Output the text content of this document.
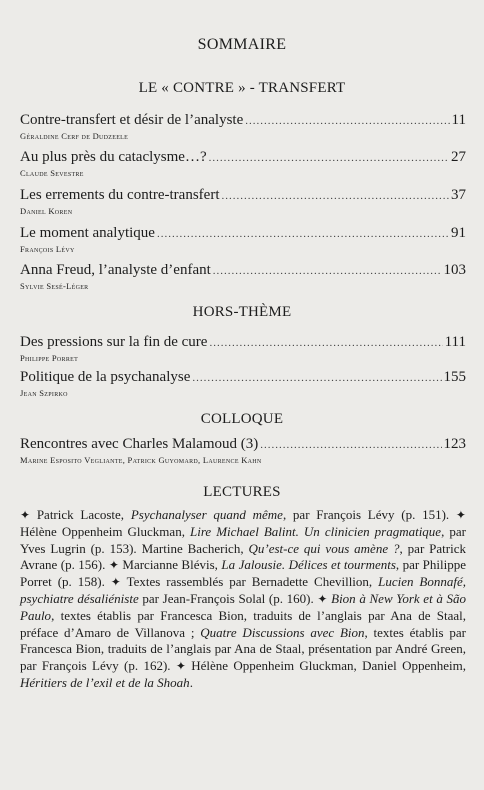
SOMMAIRE
LE « CONTRE » - TRANSFERT
Contre-transfert et désir de l’analyste .....	11
Géraldine Cerf de Dudzeele
Au plus près du cataclysme…? .....	27
Claude Sevestre
Les errements du contre-transfert .....	37
Daniel Koren
Le moment analytique .....	91
François Lévy
Anna Freud, l’analyste d’enfant .....	103
Sylvie Sesé-Léger
HORS-THÈME
Des pressions sur la fin de cure .....	111
Philippe Porret
Politique de la psychanalyse .....	155
Jean Szpirko
COLLOQUE
Rencontres avec Charles Malamoud (3) .....	123
Marine Esposito Vegliante, Patrick Guyomard, Laurence Kahn
LECTURES
✦ Patrick Lacoste, Psychanalyser quand même, par François Lévy (p. 151). ✦ Hélène Oppenheim Gluckman, Lire Michael Balint. Un clinicien pragmatique, par Yves Lugrin (p. 153). Martine Bacherich, Qu’est-ce qui vous amène ?, par Patrick Avrane (p. 156). ✦ Marcianne Blévis, La Jalousie. Délices et tourments, par Philippe Porret (p. 158). ✦ Textes rassemblés par Bernadette Chevillion, Lucien Bonnafé, psychiatre désaliéniste par Jean-François Solal (p. 160). ✦ Bion à New York et à São Paulo, textes établis par Francesca Bion, traduits de l’anglais par Ana de Staal, préface d’Amaro de Villanova ; Quatre Discussions avec Bion, textes établis par Francesca Bion, traduits de l’anglais par Ana de Staal, présentation par André Green, par François Lévy (p. 162). ✦ Hélène Oppenheim Gluckman, Daniel Oppenheim, Héritiers de l’exil et de la Shoah.
